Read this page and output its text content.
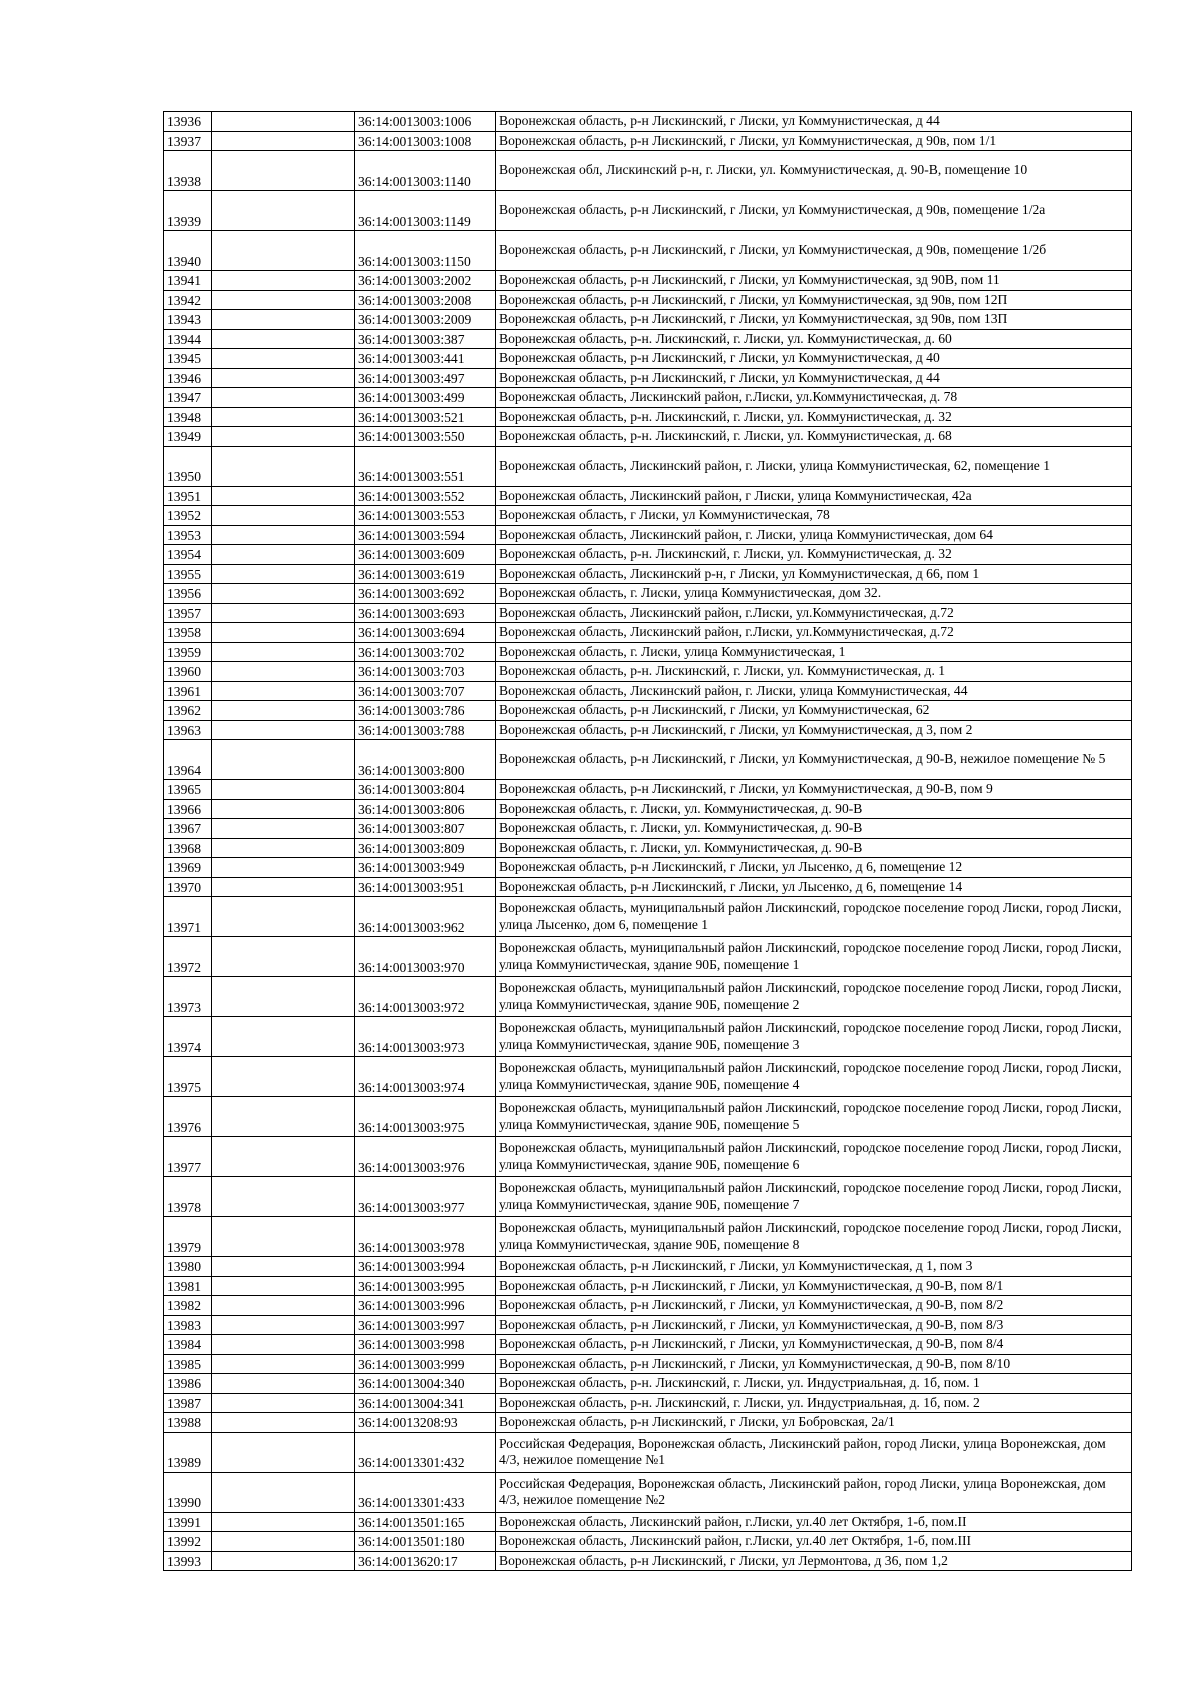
13936		36:14:0013003:1006	Воронежская область, р-н Лискинский, г Лиски, ул Коммунистическая, д 44
13937		36:14:0013003:1008	Воронежская область, р-н Лискинский, г Лиски, ул Коммунистическая, д 90в, пом 1/1
13938		36:14:0013003:1140	Воронежская обл, Лискинский р-н, г. Лиски, ул. Коммунистическая, д. 90-В, помещение 10
13939		36:14:0013003:1149	Воронежская область, р-н Лискинский, г Лиски, ул Коммунистическая, д 90в, помещение 1/2а
13940		36:14:0013003:1150	Воронежская область, р-н Лискинский, г Лиски, ул Коммунистическая, д 90в, помещение 1/2б
13941		36:14:0013003:2002	Воронежская область, р-н Лискинский, г Лиски, ул Коммунистическая, зд 90В, пом 11
13942		36:14:0013003:2008	Воронежская область, р-н Лискинский, г Лиски, ул Коммунистическая, зд 90в, пом 12П
13943		36:14:0013003:2009	Воронежская область, р-н Лискинский, г Лиски, ул Коммунистическая, зд 90в, пом 13П
13944		36:14:0013003:387	Воронежская область, р-н. Лискинский, г. Лиски, ул. Коммунистическая, д. 60
13945		36:14:0013003:441	Воронежская область, р-н Лискинский, г Лиски, ул Коммунистическая, д 40
13946		36:14:0013003:497	Воронежская область, р-н Лискинский, г Лиски, ул Коммунистическая, д 44
13947		36:14:0013003:499	Воронежская область, Лискинский район, г.Лиски, ул.Коммунистическая, д. 78
13948		36:14:0013003:521	Воронежская область, р-н. Лискинский, г. Лиски, ул. Коммунистическая, д. 32
13949		36:14:0013003:550	Воронежская область, р-н. Лискинский, г. Лиски, ул. Коммунистическая, д. 68
13950		36:14:0013003:551	Воронежская область, Лискинский район, г. Лиски, улица Коммунистическая, 62, помещение 1
13951		36:14:0013003:552	Воронежская область, Лискинский район, г Лиски, улица Коммунистическая, 42а
13952		36:14:0013003:553	Воронежская область, г Лиски, ул Коммунистическая, 78
13953		36:14:0013003:594	Воронежская область, Лискинский район, г. Лиски, улица Коммунистическая, дом 64
13954		36:14:0013003:609	Воронежская область, р-н. Лискинский, г. Лиски, ул. Коммунистическая, д. 32
13955		36:14:0013003:619	Воронежская область, Лискинский р-н, г Лиски, ул Коммунистическая, д 66, пом 1
13956		36:14:0013003:692	Воронежская область, г. Лиски, улица Коммунистическая, дом 32.
13957		36:14:0013003:693	Воронежская область, Лискинский район, г.Лиски, ул.Коммунистическая, д.72
13958		36:14:0013003:694	Воронежская область, Лискинский район, г.Лиски, ул.Коммунистическая, д.72
13959		36:14:0013003:702	Воронежская область, г. Лиски, улица Коммунистическая, 1
13960		36:14:0013003:703	Воронежская область, р-н. Лискинский, г. Лиски, ул. Коммунистическая, д. 1
13961		36:14:0013003:707	Воронежская область, Лискинский район, г. Лиски, улица Коммунистическая, 44
13962		36:14:0013003:786	Воронежская область, р-н Лискинский, г Лиски, ул Коммунистическая, 62
13963		36:14:0013003:788	Воронежская область, р-н Лискинский, г Лиски, ул Коммунистическая, д 3, пом 2
13964		36:14:0013003:800	Воронежская область, р-н Лискинский, г Лиски, ул Коммунистическая, д 90-В, нежилое помещение № 5
13965		36:14:0013003:804	Воронежская область, р-н Лискинский, г Лиски, ул Коммунистическая, д 90-В, пом 9
13966		36:14:0013003:806	Воронежская область, г. Лиски, ул. Коммунистическая, д. 90-В
13967		36:14:0013003:807	Воронежская область, г. Лиски, ул. Коммунистическая, д. 90-В
13968		36:14:0013003:809	Воронежская область, г. Лиски, ул. Коммунистическая, д. 90-В
13969		36:14:0013003:949	Воронежская область, р-н Лискинский, г Лиски, ул Лысенко, д 6, помещение 12
13970		36:14:0013003:951	Воронежская область, р-н Лискинский, г Лиски, ул Лысенко, д 6, помещение 14
13971		36:14:0013003:962	Воронежская область, муниципальный район Лискинский, городское поселение город Лиски, город Лиски, улица Лысенко, дом 6, помещение 1
13972		36:14:0013003:970	Воронежская область, муниципальный район Лискинский, городское поселение город Лиски, город Лиски, улица Коммунистическая, здание 90Б, помещение 1
13973		36:14:0013003:972	Воронежская область, муниципальный район Лискинский, городское поселение город Лиски, город Лиски, улица Коммунистическая, здание 90Б, помещение 2
13974		36:14:0013003:973	Воронежская область, муниципальный район Лискинский, городское поселение город Лиски, город Лиски, улица Коммунистическая, здание 90Б, помещение 3
13975		36:14:0013003:974	Воронежская область, муниципальный район Лискинский, городское поселение город Лиски, город Лиски, улица Коммунистическая, здание 90Б, помещение 4
13976		36:14:0013003:975	Воронежская область, муниципальный район Лискинский, городское поселение город Лиски, город Лиски, улица Коммунистическая, здание 90Б, помещение 5
13977		36:14:0013003:976	Воронежская область, муниципальный район Лискинский, городское поселение город Лиски, город Лиски, улица Коммунистическая, здание 90Б, помещение 6
13978		36:14:0013003:977	Воронежская область, муниципальный район Лискинский, городское поселение город Лиски, город Лиски, улица Коммунистическая, здание 90Б, помещение 7
13979		36:14:0013003:978	Воронежская область, муниципальный район Лискинский, городское поселение город Лиски, город Лиски, улица Коммунистическая, здание 90Б, помещение 8
13980		36:14:0013003:994	Воронежская область, р-н Лискинский, г Лиски, ул Коммунистическая, д 1, пом 3
13981		36:14:0013003:995	Воронежская область, р-н Лискинский, г Лиски, ул Коммунистическая, д 90-В, пом 8/1
13982		36:14:0013003:996	Воронежская область, р-н Лискинский, г Лиски, ул Коммунистическая, д 90-В, пом 8/2
13983		36:14:0013003:997	Воронежская область, р-н Лискинский, г Лиски, ул Коммунистическая, д 90-В, пом 8/3
13984		36:14:0013003:998	Воронежская область, р-н Лискинский, г Лиски, ул Коммунистическая, д 90-В, пом 8/4
13985		36:14:0013003:999	Воронежская область, р-н Лискинский, г Лиски, ул Коммунистическая, д 90-В, пом 8/10
13986		36:14:0013004:340	Воронежская область, р-н. Лискинский, г. Лиски, ул. Индустриальная, д. 1б, пом. 1
13987		36:14:0013004:341	Воронежская область, р-н. Лискинский, г. Лиски, ул. Индустриальная, д. 1б, пом. 2
13988		36:14:0013208:93	Воронежская область, р-н Лискинский, г Лиски, ул Бобровская, 2а/1
13989		36:14:0013301:432	Российская Федерация, Воронежская область, Лискинский район, город Лиски, улица Воронежская, дом 4/3, нежилое помещение №1
13990		36:14:0013301:433	Российская Федерация, Воронежская область, Лискинский район, город Лиски, улица Воронежская, дом 4/3, нежилое помещение №2
13991		36:14:0013501:165	Воронежская область, Лискинский район, г.Лиски, ул.40 лет Октября, 1-б, пом.II
13992		36:14:0013501:180	Воронежская область, Лискинский район, г.Лиски, ул.40 лет Октября, 1-б, пом.III
13993		36:14:0013620:17	Воронежская область, р-н Лискинский, г Лиски, ул Лермонтова, д 36, пом 1,2
